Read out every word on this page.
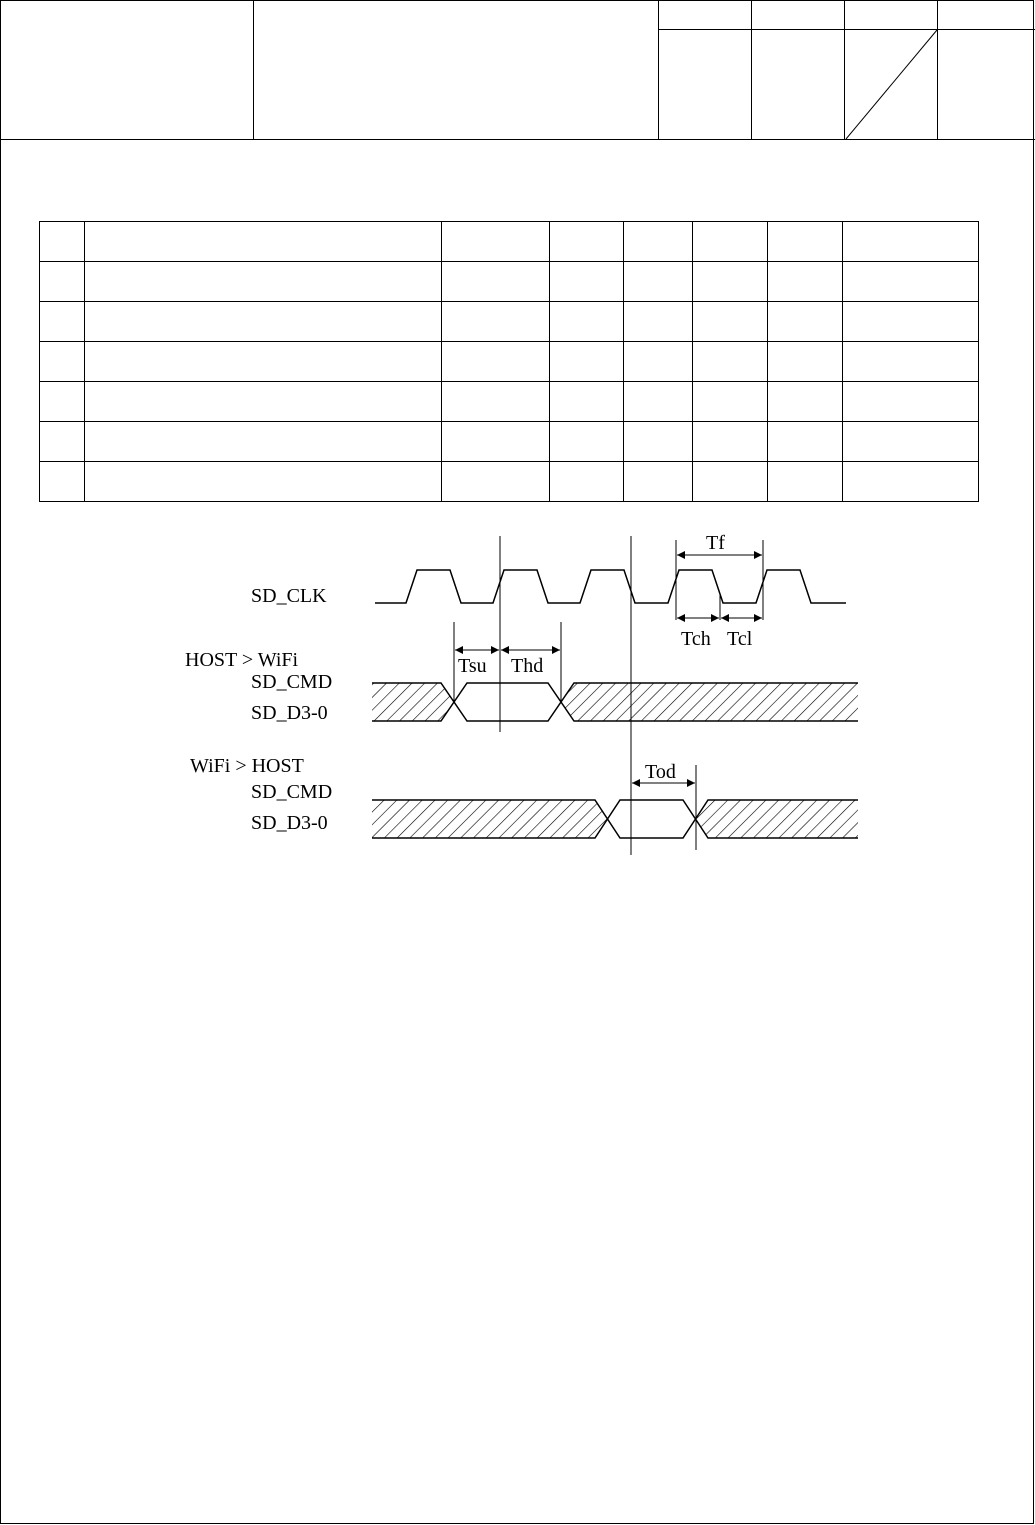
SD_CLK
HOST > WiFi
SD_CMD
SD_D3-0
WiFi > HOST
SD_CMD
SD_D3-0
Tf
Tch Tcl
Tsu Thd
Tod
